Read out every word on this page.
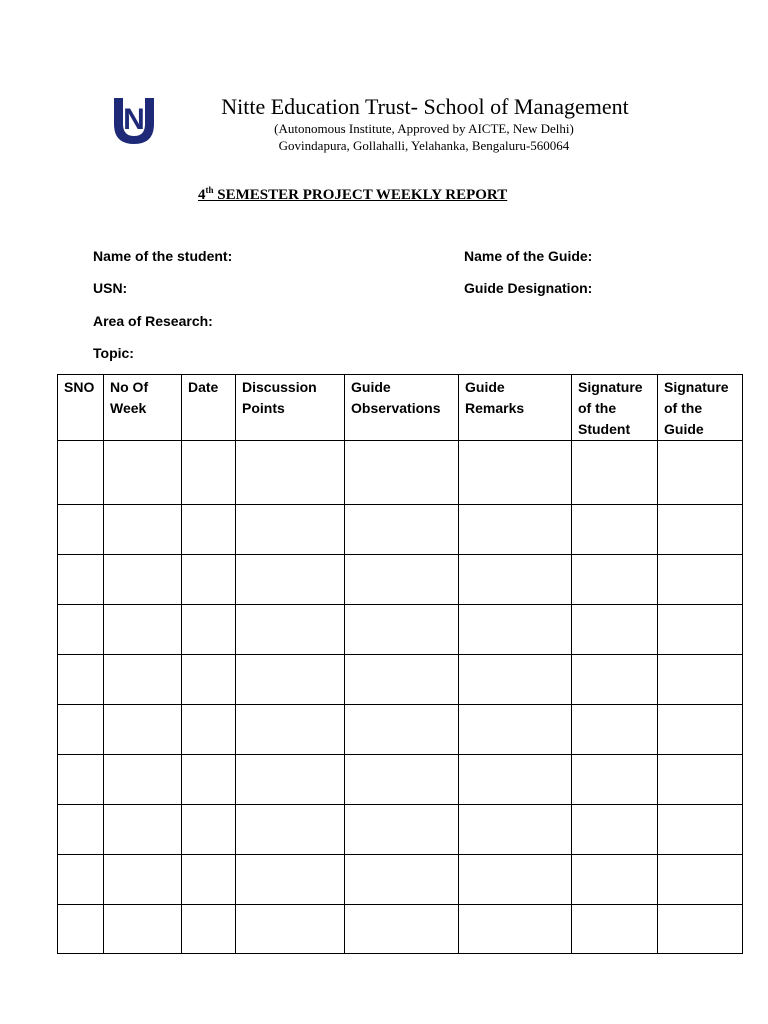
N	Nitte Education Trust- School of Management
(Autonomous Institute, Approved by AICTE, New Delhi)
Govindapura, Gollahalli, Yelahanka, Bengaluru-560064
4th SEMESTER PROJECT WEEKLY REPORT
Name of the student:	Name of the Guide:
USN:	Guide Designation:
Area of Research:
Topic:
SNO	No Of Week	Date	Discussion Points	Guide Observations	Guide Remarks	Signature of the Student	Signature of the Guide
